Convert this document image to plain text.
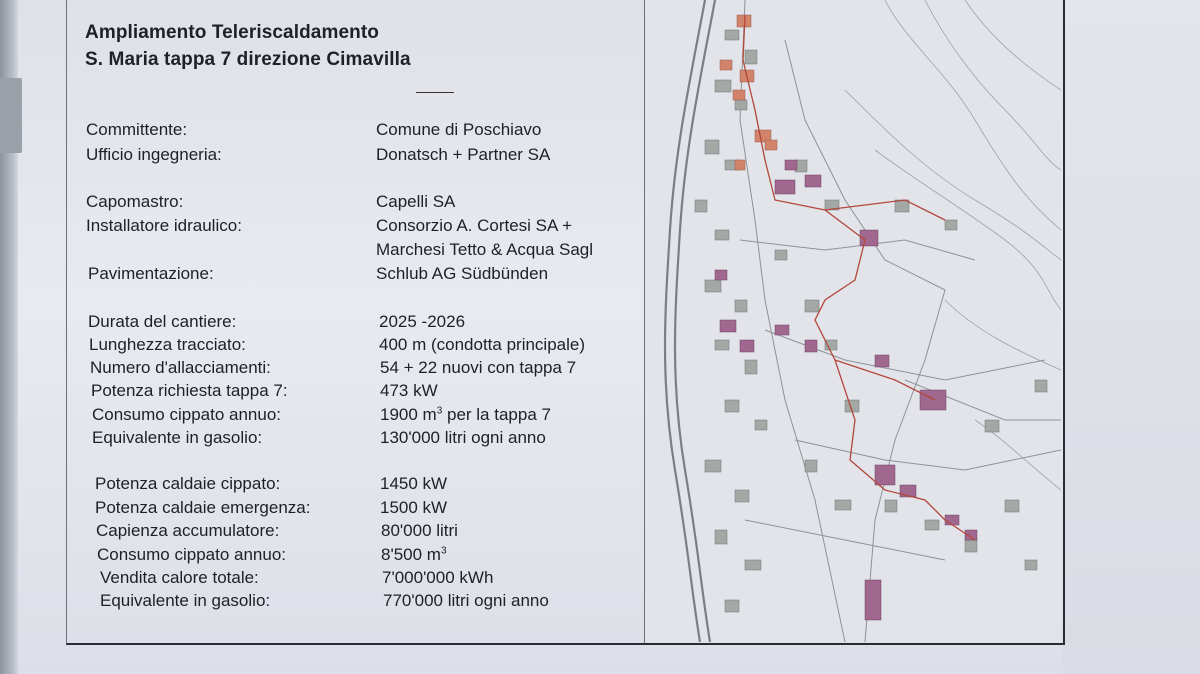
Ampliamento Teleriscaldamento
S. Maria tappa 7 direzione Cimavilla
Committente:	Comune di Poschiavo
Ufficio ingegneria:	Donatsch + Partner SA
Capomastro:	Capelli SA
Installatore idraulico:	Consorzio A. Cortesi SA +
Marchesi Tetto & Acqua Sagl
Pavimentazione:	Schlub AG Südbünden
Durata del cantiere:	2025 -2026
Lunghezza tracciato:	400 m (condotta principale)
Numero d'allacciamenti:	54 + 22 nuovi con tappa 7
Potenza richiesta tappa 7:	473 kW
Consumo cippato annuo:	1900 $m^3$ per la tappa 7
Equivalente in gasolio:	130'000 litri ogni anno
Potenza caldaie cippato:	1450 kW
Potenza caldaie emergenza:	1500 kW
Capienza accumulatore:	80'000 litri
Consumo cippato annuo:	8'500 $m^3$
Vendita calore totale:	7'000'000 kWh
Equivalente in gasolio:	770'000 litri ogni anno
